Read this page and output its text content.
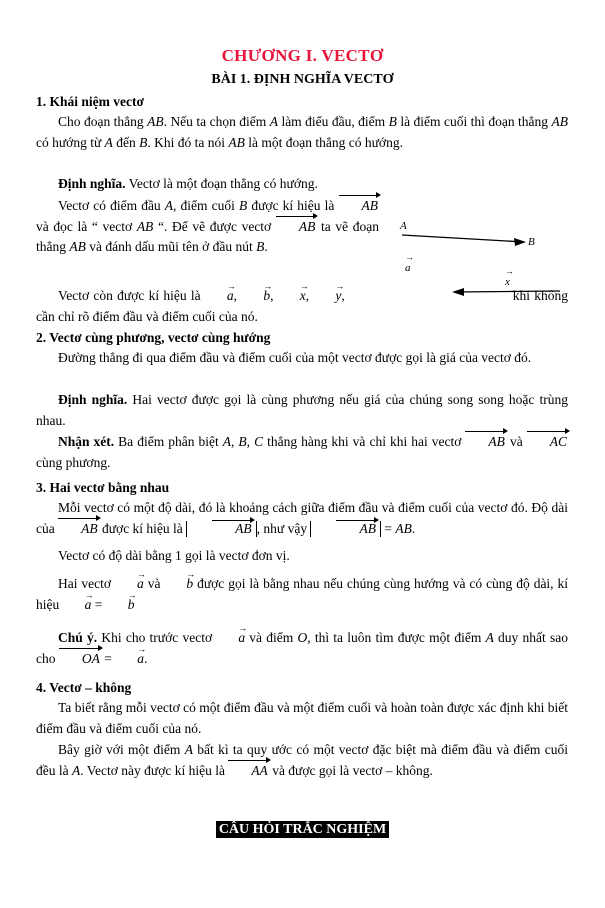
CHƯƠNG I. VECTƠ
BÀI 1. ĐỊNH NGHĨA VECTƠ
1. Khái niệm vectơ
Cho đoạn thẳng AB. Nếu ta chọn điểm A làm điểu đầu, điểm B là điểm cuối thì đoạn thẳng AB có hướng từ A đến B. Khi đó ta nói AB là một đoạn thẳng có hướng.
Định nghĩa. Vectơ là một đoạn thẳng có hướng.
Vectơ có điểm đầu A, điểm cuối B được kí hiệu là AB và đọc là “ vectơ AB “. Để vẽ được vectơ AB ta vẽ đoạn thẳng AB và đánh dấu mũi tên ở đầu nút B.
A
B
a →
x →
Vectơ còn được kí hiệu là a →, b →, x →, y →,	khi không cần chỉ rõ điểm đầu và điểm cuối của nó.
2. Vectơ cùng phương, vectơ cùng hướng
Đường thẳng đi qua điểm đầu và điểm cuối của một vectơ được gọi là giá của vectơ đó.
Định nghĩa. Hai vectơ được gọi là cùng phương nếu giá của chúng song song hoặc trùng nhau.
Nhận xét. Ba điểm phân biệt A, B, C thẳng hàng khi và chỉ khi hai vectơ AB và AC cùng phương.
3. Hai vectơ bằng nhau
Mỗi vectơ có một độ dài, đó là khoảng cách giữa điểm đầu và điểm cuối của vectơ đó. Độ dài của AB được kí hiệu là	AB , như vậy	AB = AB.
Vectơ có độ dài bằng 1 gọi là vectơ đơn vị.
Hai vectơ a → và b → được gọi là bằng nhau nếu chúng cùng hướng và có cùng độ dài, kí hiệu a → = b →
Chú ý. Khi cho trước vectơ a → và điểm O, thì ta luôn tìm được một điểm A duy nhất sao cho OA = a →.
4. Vectơ – không
Ta biết rằng mỗi vectơ có một điểm đầu và một điểm cuối và hoàn toàn được xác định khi biết điểm đầu và điểm cuối của nó.
Bây giờ với một điểm A bất kì ta quy ước có một vectơ đặc biệt mà điểm đầu và điểm cuối đều là A. Vectơ này được kí hiệu là AA và được gọi là vectơ – không.
CÂU HỎI TRẮC NGHIỆM
